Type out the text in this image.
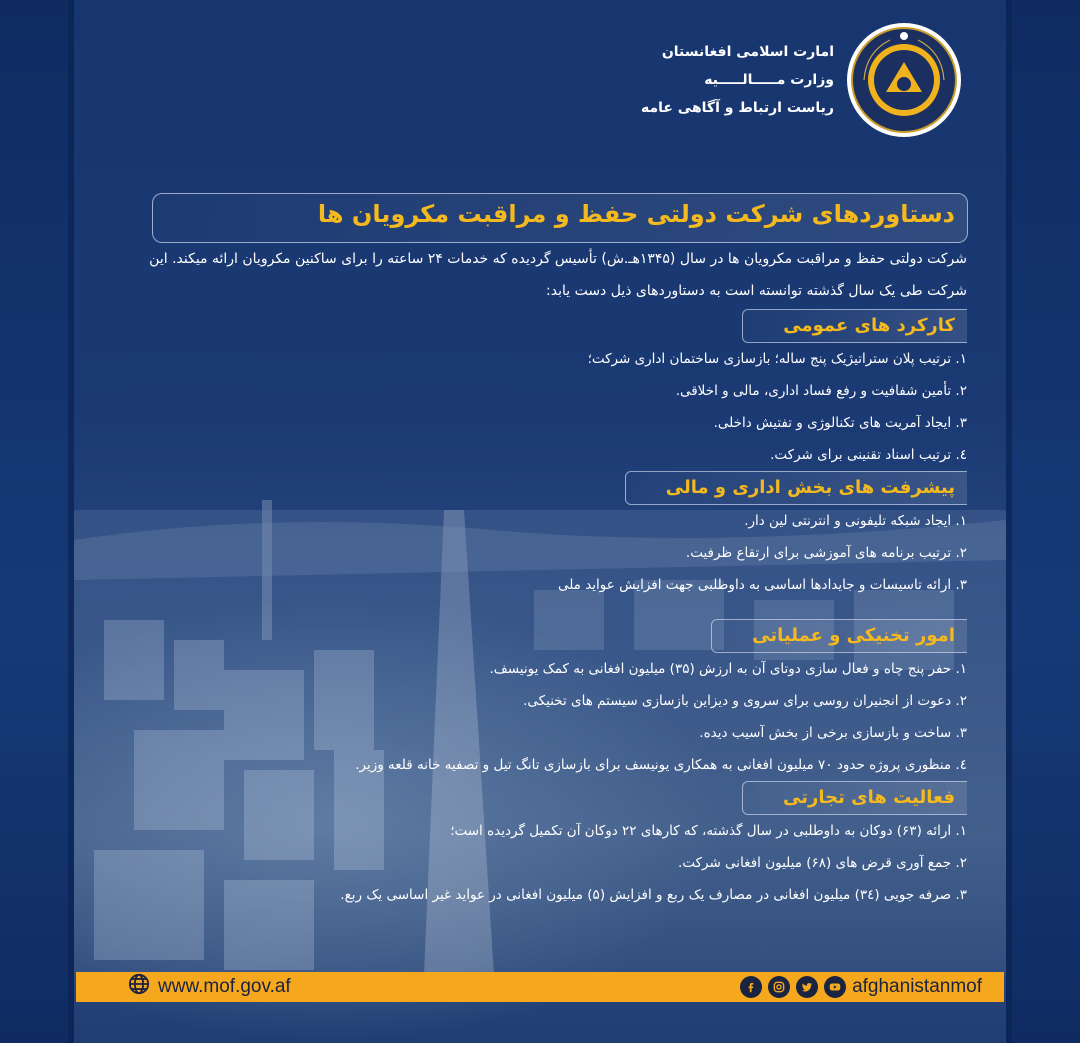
امارت اسلامی افغانستان
وزارت مـــــالـــــیه
ریاست ارتباط و آگاهی عامه
دستاوردهای شرکت دولتی حفظ و مراقبت مکرویان ها

شرکت دولتی حفظ و مراقبت مکرویان ها در سال (۱۳۴۵هـ.ش) تأسیس گردیده که خدمات ۲۴ ساعته را برای ساکنین مکرویان ارائه میکند. این شرکت طی یک سال گذشته توانسته است به دستاوردهای ذیل دست یابد:

کارکرد های عمومی
۱. ترتیب پلان ستراتیژیک پنج ساله؛ بازسازی ساختمان اداری شرکت؛
۲. تأمین شفافیت و رفع فساد اداری، مالی و اخلاقی.
۳. ایجاد آمریت های تکنالوژی و تفتیش داخلی.
٤. ترتیب اسناد تقنینی برای شرکت.
پیشرفت های بخش اداری و مالی
۱. ایجاد شبکه تلیفونی و انترنتی لین دار.
۲. ترتیب برنامه های آموزشی برای ارتقاع ظرفیت.
۳. ارائه تاسیسات و جایدادها اساسی به داوطلبی جهت افزایش عواید ملی
امور تخنیکی و عملیاتی
۱. حفر پنج چاه و فعال سازی دوتای آن به ارزش (۳۵) میلیون افغانی به کمک یونیسف.
۲. دعوت از انجنیران روسی برای سروی و دیزاین بازسازی سیستم های تخنیکی.
۳. ساخت و بازسازی برخی از بخش آسیب دیده.
٤. منظوری پروژه حدود ۷۰ میلیون افغانی به همکاری یونیسف برای بازسازی تانگ تیل و تصفیه خانه قلعه وزیر.
فعالیت های تجارتی
۱. ارائه (۶۳) دوکان به داوطلبی در سال گذشته، که کارهای ۲۲ دوکان آن تکمیل گردیده است؛
۲. جمع آوری قرض های (۶۸) میلیون افغانی شرکت.
۳. صرفه جویی (۳٤) میلیون افغانی در مصارف یک ربع و افزایش (۵) میلیون افغانی در عواید غیر اساسی یک ربع.
www.mof.gov.af	afghanistanmof
